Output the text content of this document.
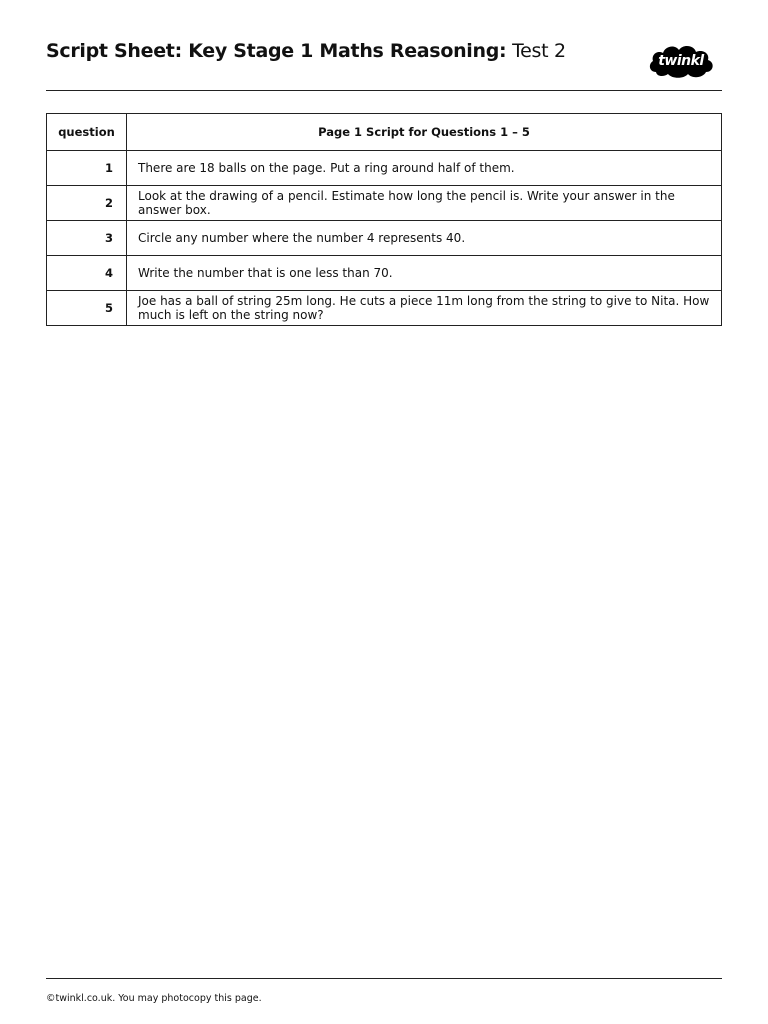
Script Sheet: Key Stage 1 Maths Reasoning: Test 2	twinkl
question	Page 1 Script for Questions 1 – 5
1	There are 18 balls on the page. Put a ring around half of them.
2	Look at the drawing of a pencil. Estimate how long the pencil is. Write your answer in the answer box.
3	Circle any number where the number 4 represents 40.
4	Write the number that is one less than 70.
5	Joe has a ball of string 25m long. He cuts a piece 11m long from the string to give to Nita. How much is left on the string now?
©twinkl.co.uk. You may photocopy this page.
